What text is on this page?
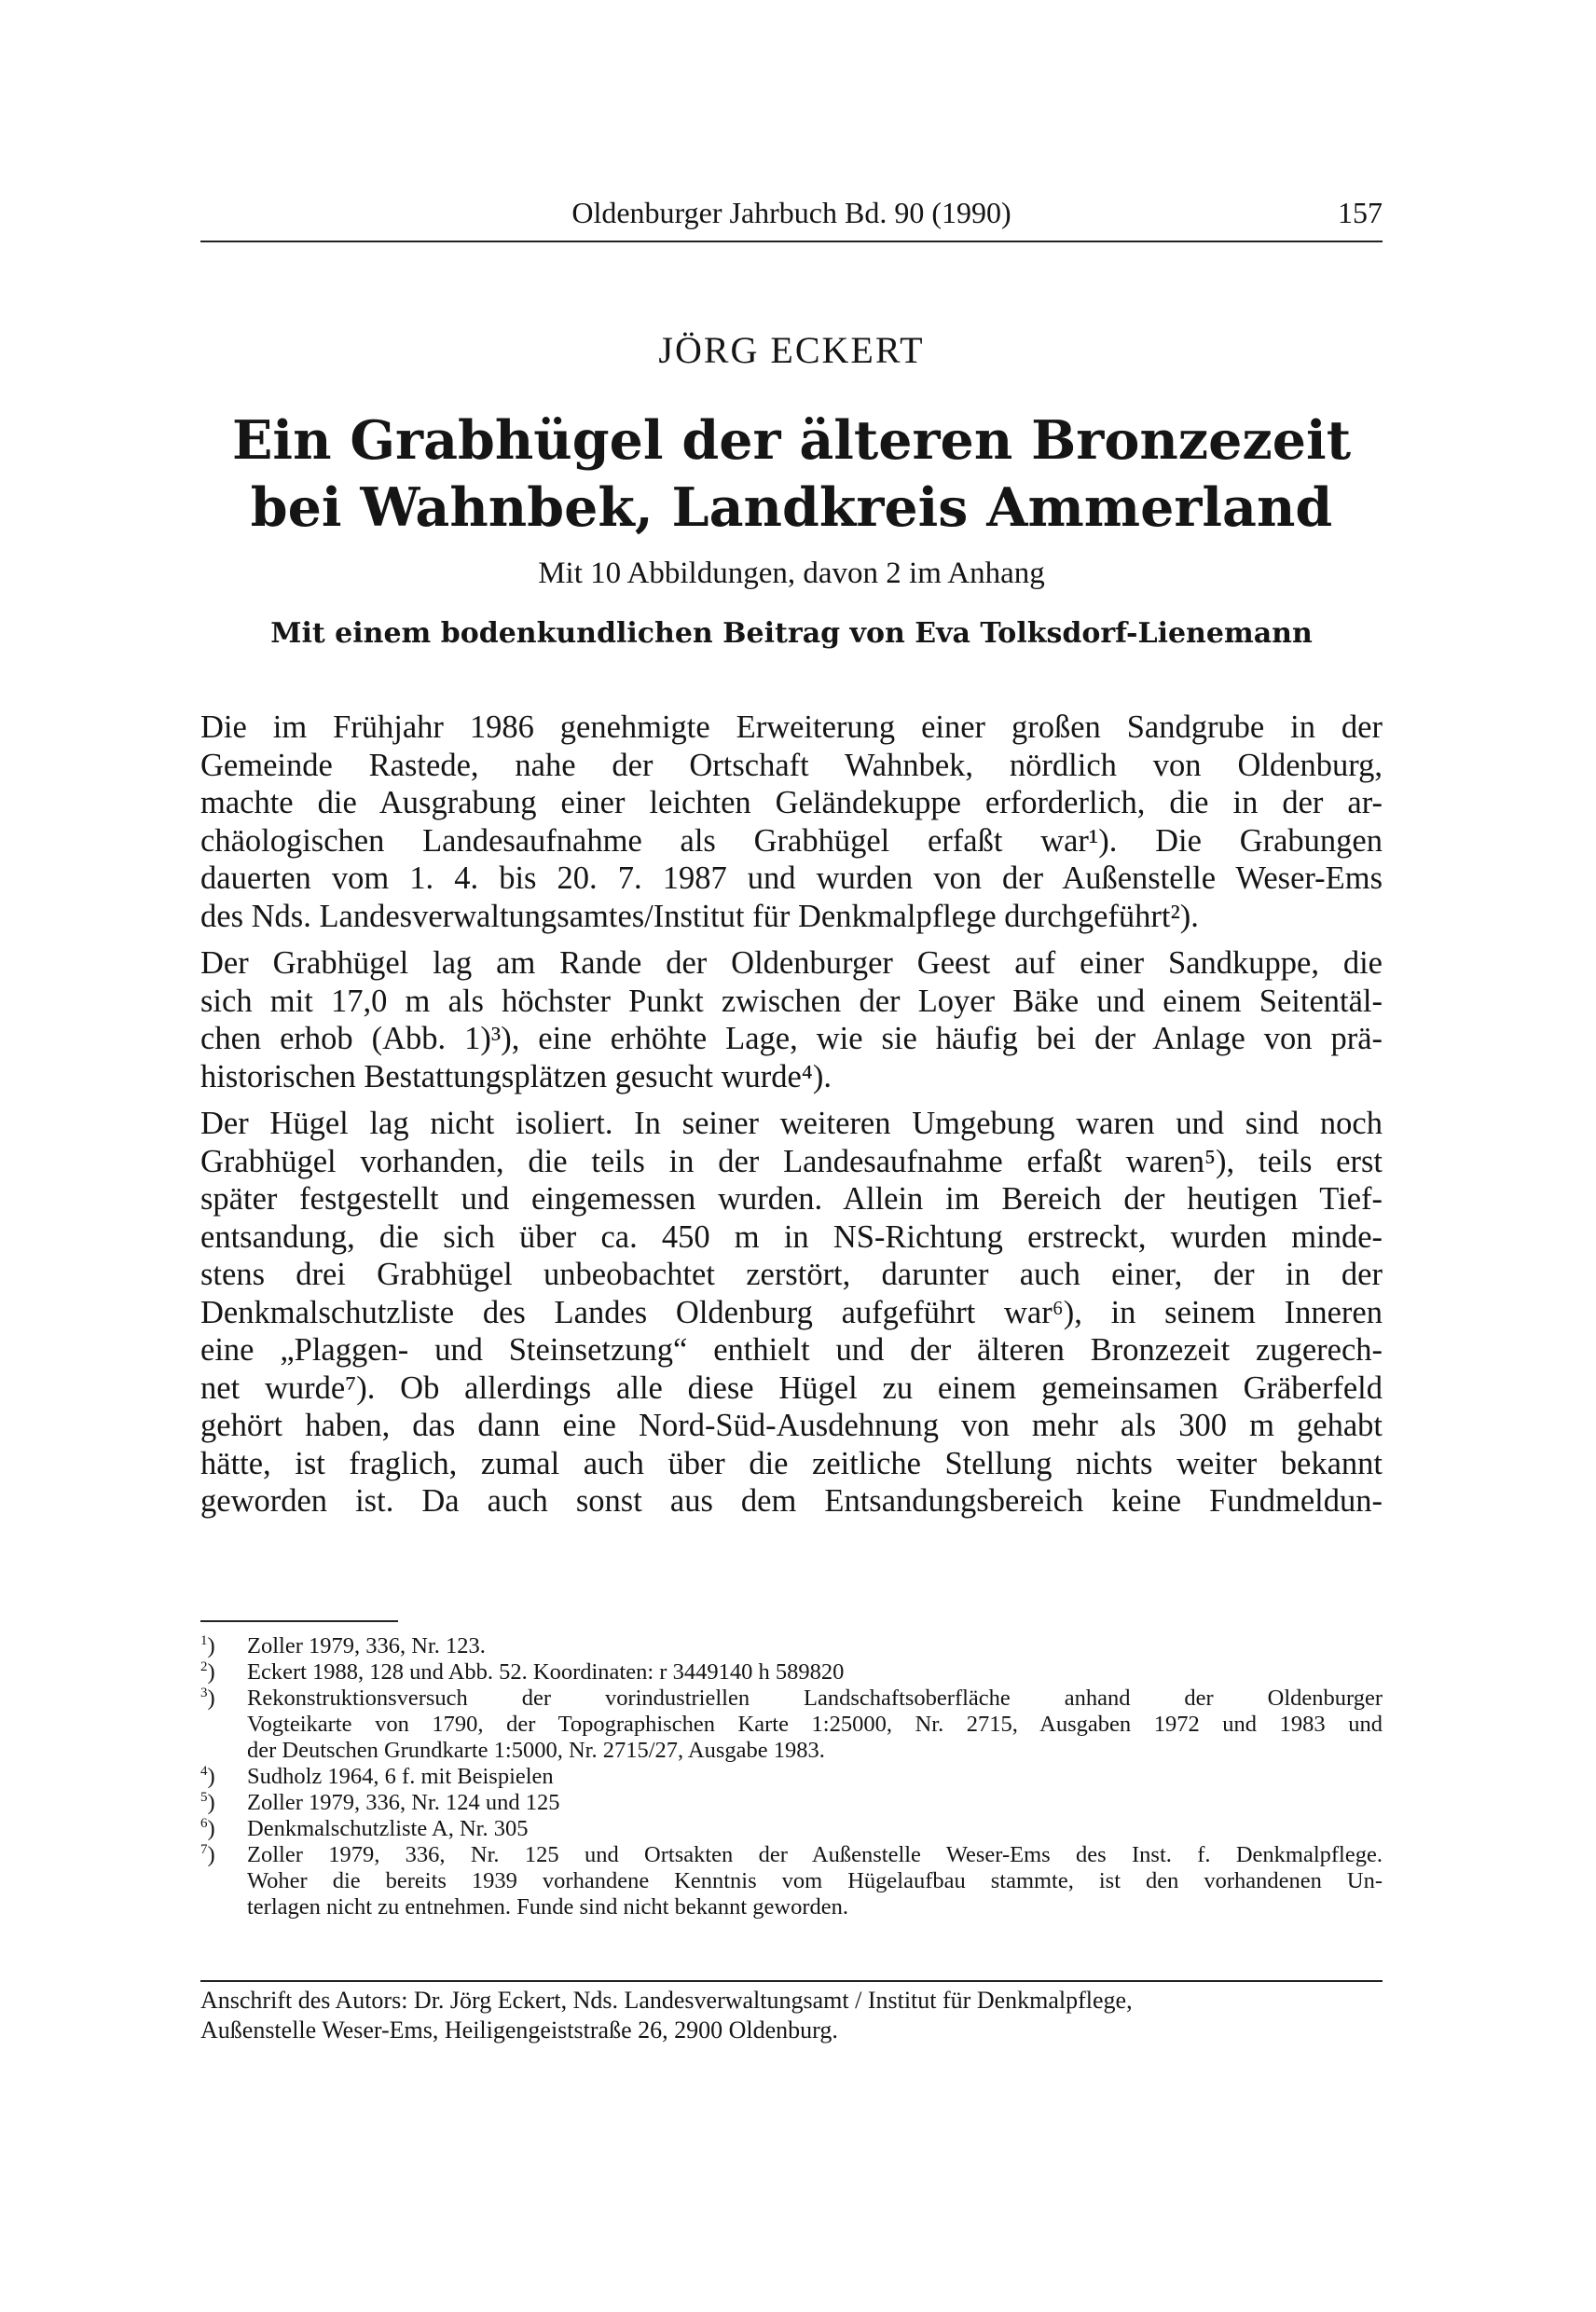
Oldenburger Jahrbuch Bd. 90 (1990)	157
JÖRG ECKERT
Ein Grabhügel der älteren Bronzezeit
bei Wahnbek, Landkreis Ammerland
Mit 10 Abbildungen, davon 2 im Anhang
Mit einem bodenkundlichen Beitrag von Eva Tolksdorf-Lienemann
Die im Frühjahr 1986 genehmigte Erweiterung einer großen Sandgrube in der
Gemeinde Rastede, nahe der Ortschaft Wahnbek, nördlich von Oldenburg,
machte die Ausgrabung einer leichten Geländekuppe erforderlich, die in der ar-
chäologischen Landesaufnahme als Grabhügel erfaßt war¹). Die Grabungen
dauerten vom 1. 4. bis 20. 7. 1987 und wurden von der Außenstelle Weser-Ems
des Nds. Landesverwaltungsamtes/Institut für Denkmalpflege durchgeführt²).
Der Grabhügel lag am Rande der Oldenburger Geest auf einer Sandkuppe, die
sich mit 17,0 m als höchster Punkt zwischen der Loyer Bäke und einem Seitentäl-
chen erhob (Abb. 1)³), eine erhöhte Lage, wie sie häufig bei der Anlage von prä-
historischen Bestattungsplätzen gesucht wurde⁴).
Der Hügel lag nicht isoliert. In seiner weiteren Umgebung waren und sind noch
Grabhügel vorhanden, die teils in der Landesaufnahme erfaßt waren⁵), teils erst
später festgestellt und eingemessen wurden. Allein im Bereich der heutigen Tief-
entsandung, die sich über ca. 450 m in NS-Richtung erstreckt, wurden minde-
stens drei Grabhügel unbeobachtet zerstört, darunter auch einer, der in der
Denkmalschutzliste des Landes Oldenburg aufgeführt war⁶), in seinem Inneren
eine „Plaggen- und Steinsetzung“ enthielt und der älteren Bronzezeit zugerech-
net wurde⁷). Ob allerdings alle diese Hügel zu einem gemeinsamen Gräberfeld
gehört haben, das dann eine Nord-Süd-Ausdehnung von mehr als 300 m gehabt
hätte, ist fraglich, zumal auch über die zeitliche Stellung nichts weiter bekannt
geworden ist. Da auch sonst aus dem Entsandungsbereich keine Fundmeldun-
$^1$)	Zoller 1979, 336, Nr. 123.
$^2$)	Eckert 1988, 128 und Abb. 52. Koordinaten: r 3449140 h 589820
$^3$)	Rekonstruktionsversuch der vorindustriellen Landschaftsoberfläche anhand der Oldenburger
Vogteikarte von 1790, der Topographischen Karte 1:25000, Nr. 2715, Ausgaben 1972 und 1983 und
der Deutschen Grundkarte 1:5000, Nr. 2715/27, Ausgabe 1983.
$^4$)	Sudholz 1964, 6 f. mit Beispielen
$^5$)	Zoller 1979, 336, Nr. 124 und 125
$^6$)	Denkmalschutzliste A, Nr. 305
$^7$)	Zoller 1979, 336, Nr. 125 und Ortsakten der Außenstelle Weser-Ems des Inst. f. Denkmalpflege.
Woher die bereits 1939 vorhandene Kenntnis vom Hügelaufbau stammte, ist den vorhandenen Un-
terlagen nicht zu entnehmen. Funde sind nicht bekannt geworden.
Anschrift des Autors: Dr. Jörg Eckert, Nds. Landesverwaltungsamt / Institut für Denkmalpflege,
Außenstelle Weser-Ems, Heiligengeiststraße 26, 2900 Oldenburg.
